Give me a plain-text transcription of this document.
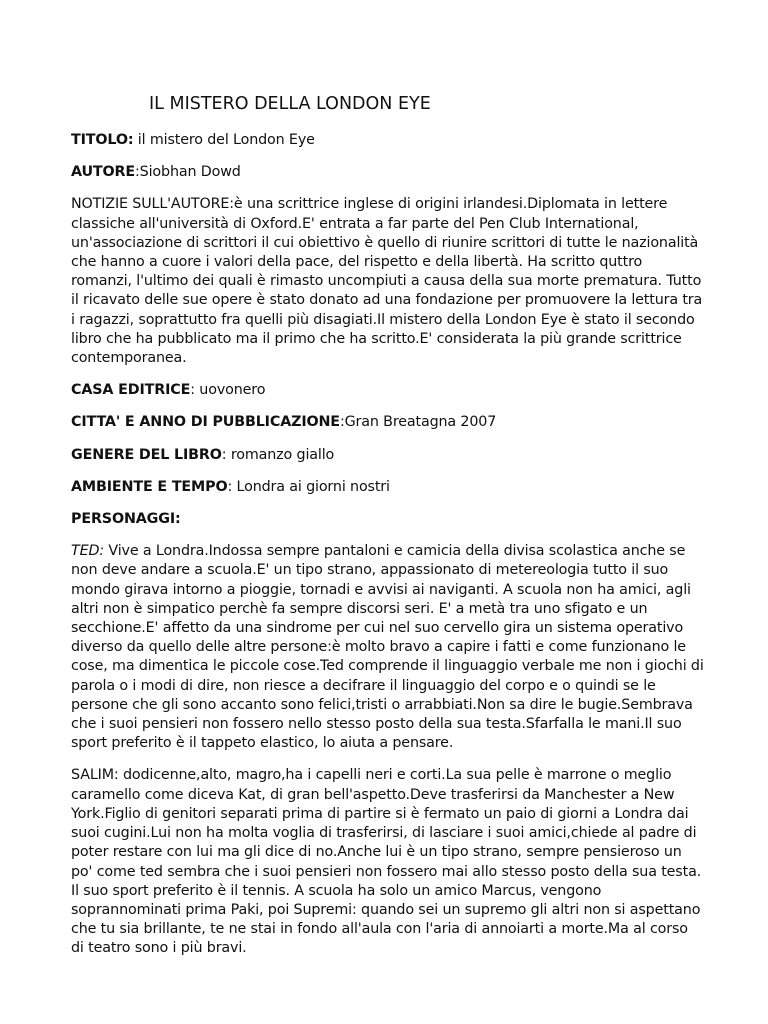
IL MISTERO DELLA LONDON EYE

TITOLO: il mistero del London Eye

AUTORE:Siobhan Dowd

NOTIZIE SULL'AUTORE:è una scrittrice inglese di origini irlandesi.Diplomata in lettere
classiche all'università di Oxford.E' entrata a far parte del Pen Club International,
un'associazione di scrittori il cui obiettivo è quello di riunire scrittori di tutte le nazionalità
che hanno a cuore i valori della pace, del rispetto e della libertà. Ha scritto quttro
romanzi, l'ultimo dei quali è rimasto uncompiuti a causa della sua morte prematura. Tutto
il ricavato delle sue opere è stato donato ad una fondazione per promuovere la lettura tra
i ragazzi, soprattutto fra quelli più disagiati.Il mistero della London Eye è stato il secondo
libro che ha pubblicato ma il primo che ha scritto.E' considerata la più grande scrittrice
contemporanea.

CASA EDITRICE: uovonero

CITTA' E ANNO DI PUBBLICAZIONE:Gran Breatagna 2007

GENERE DEL LIBRO: romanzo giallo

AMBIENTE E TEMPO: Londra ai giorni nostri

PERSONAGGI:

TED: Vive a Londra.Indossa sempre pantaloni e camicia della divisa scolastica anche se
non deve andare a scuola.E' un tipo strano, appassionato di metereologia tutto il suo
mondo girava intorno a pioggie, tornadi e avvisi ai naviganti. A scuola non ha amici, agli
altri non è simpatico perchè fa sempre discorsi seri. E' a metà tra uno sfigato e un
secchione.E' affetto da una sindrome per cui nel suo cervello gira un sistema operativo
diverso da quello delle altre persone:è molto bravo a capire i fatti e come funzionano le
cose, ma dimentica le piccole cose.Ted comprende il linguaggio verbale me non i giochi di
parola o i modi di dire, non riesce a decifrare il linguaggio del corpo e o quindi se le
persone che gli sono accanto sono felici,tristi o arrabbiati.Non sa dire le bugie.Sembrava
che i suoi pensieri non fossero nello stesso posto della sua testa.Sfarfalla le mani.Il suo
sport preferito è il tappeto elastico, lo aiuta a pensare.

SALIM: dodicenne,alto, magro,ha i capelli neri e corti.La sua pelle è marrone o meglio
caramello come diceva Kat, di gran bell'aspetto.Deve trasferirsi da Manchester a New
York.Figlio di genitori separati prima di partire si è fermato un paio di giorni a Londra dai
suoi cugini.Lui non ha molta voglia di trasferirsi, di lasciare i suoi amici,chiede al padre di
poter restare con lui ma gli dice di no.Anche lui è un tipo strano, sempre pensieroso un
po' come ted sembra che i suoi pensieri non fossero mai allo stesso posto della sua testa.
Il suo sport preferito è il tennis. A scuola ha solo un amico Marcus, vengono
soprannominati prima Paki, poi Supremi: quando sei un supremo gli altri non si aspettano
che tu sia brillante, te ne stai in fondo all'aula con l'aria di annoiarti a morte.Ma al corso
di teatro sono i più bravi.
